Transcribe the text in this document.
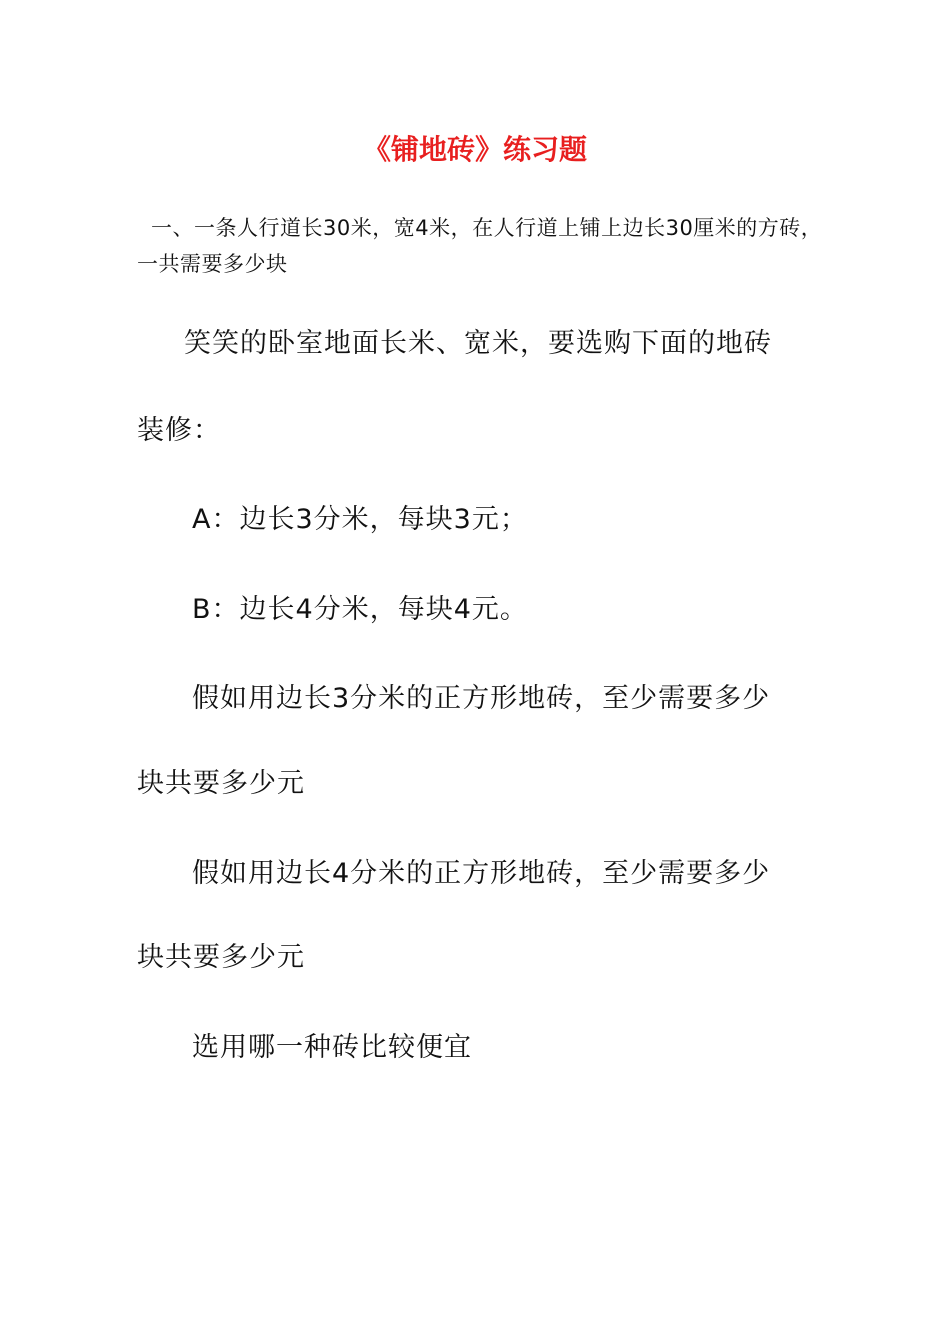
《铺地砖》练习题
一、一条人行道长30米，宽4米，在人行道上铺上边长30厘米的方砖，一共需要多少块
笑笑的卧室地面长米、宽米，要选购下面的地砖
装修：
A：边长3分米，每块3元；
B：边长4分米，每块4元。
假如用边长3分米的正方形地砖，至少需要多少
块共要多少元
假如用边长4分米的正方形地砖，至少需要多少
块共要多少元
选用哪一种砖比较便宜
